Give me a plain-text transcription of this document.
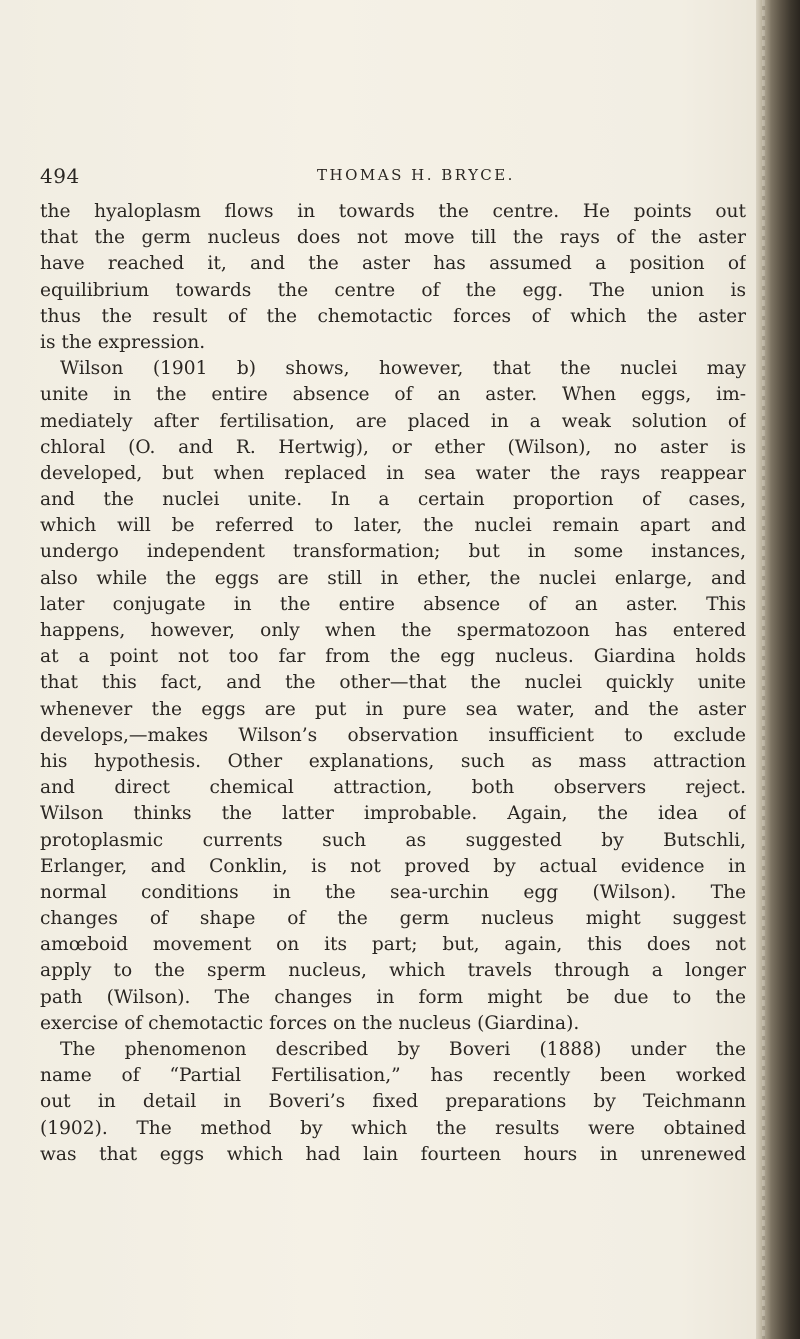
494	THOMAS H. BRYCE.
the hyaloplasm flows in towards the centre. He points out
that the germ nucleus does not move till the rays of the aster
have reached it, and the aster has assumed a position of
equilibrium towards the centre of the egg. The union is
thus the result of the chemotactic forces of which the aster
is the expression.
Wilson (1901 b) shows, however, that the nuclei may
unite in the entire absence of an aster. When eggs, im-
mediately after fertilisation, are placed in a weak solution of
chloral (O. and R. Hertwig), or ether (Wilson), no aster is
developed, but when replaced in sea water the rays reappear
and the nuclei unite. In a certain proportion of cases,
which will be referred to later, the nuclei remain apart and
undergo independent transformation; but in some instances,
also while the eggs are still in ether, the nuclei enlarge, and
later conjugate in the entire absence of an aster. This
happens, however, only when the spermatozoon has entered
at a point not too far from the egg nucleus. Giardina holds
that this fact, and the other—that the nuclei quickly unite
whenever the eggs are put in pure sea water, and the aster
develops,—makes Wilson’s observation insufficient to exclude
his hypothesis. Other explanations, such as mass attraction
and direct chemical attraction, both observers reject.
Wilson thinks the latter improbable. Again, the idea of
protoplasmic currents such as suggested by Butschli,
Erlanger, and Conklin, is not proved by actual evidence in
normal conditions in the sea-urchin egg (Wilson). The
changes of shape of the germ nucleus might suggest
amœboid movement on its part; but, again, this does not
apply to the sperm nucleus, which travels through a longer
path (Wilson). The changes in form might be due to the
exercise of chemotactic forces on the nucleus (Giardina).
The phenomenon described by Boveri (1888) under the
name of “Partial Fertilisation,” has recently been worked
out in detail in Boveri’s fixed preparations by Teichmann
(1902). The method by which the results were obtained
was that eggs which had lain fourteen hours in unrenewed
